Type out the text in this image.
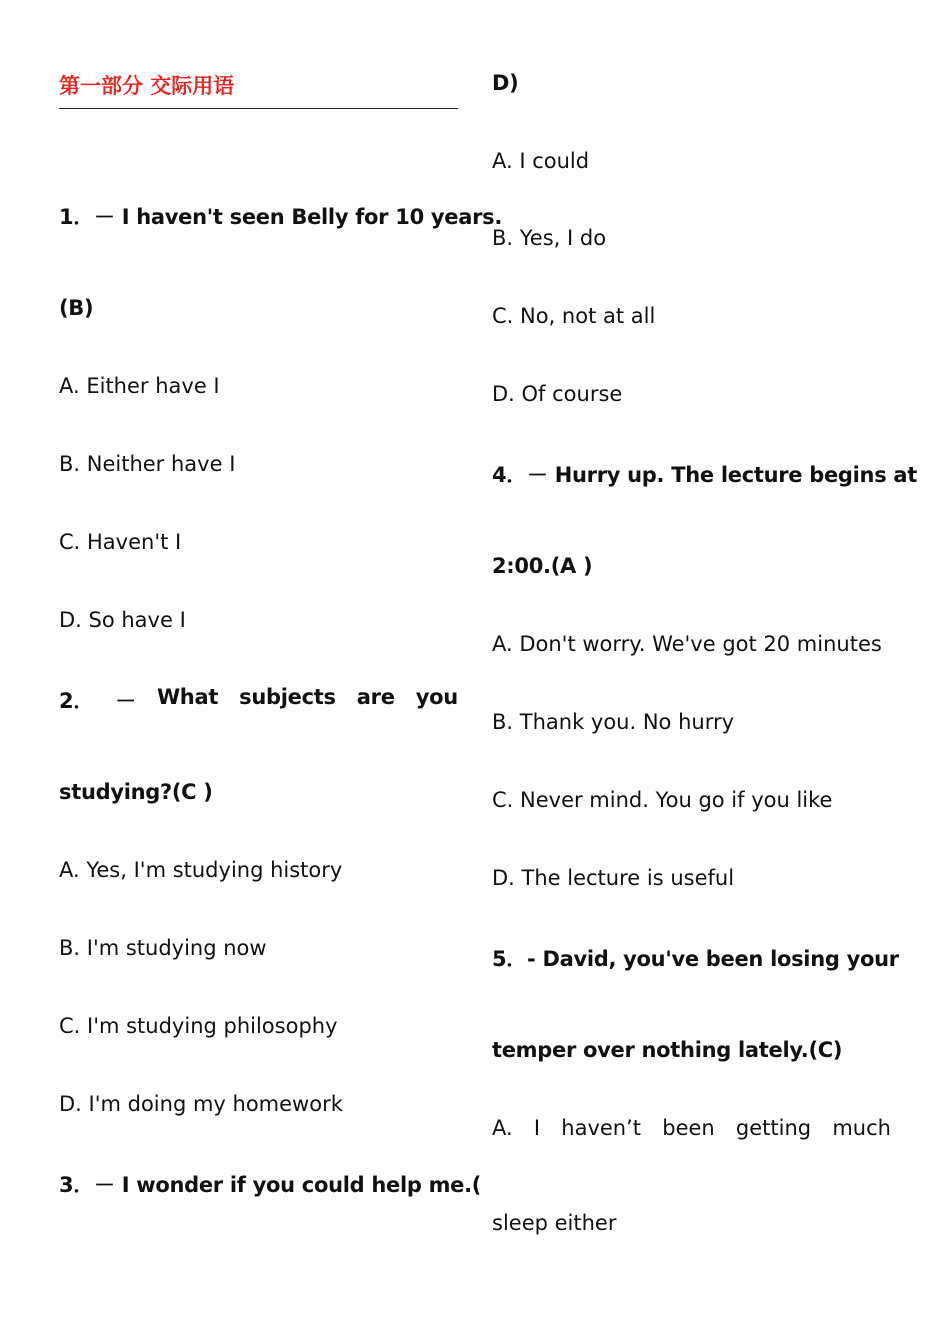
第一部分 交际用语
1．－ I haven't seen Belly for 10 years.
(B)
A. Either have I
B. Neither have I
C. Haven't I
D. So have I
2． － What subjects are you
studying?(C )
A. Yes, I'm studying history
B. I'm studying now
C. I'm studying philosophy
D. I'm doing my homework
3．－ I wonder if you could help me.(
D)
A. I could
B. Yes, I do
C. No, not at all
D. Of course
4．－ Hurry up. The lecture begins at
2:00.(A )
A. Don't worry. We've got 20 minutes
B. Thank you. No hurry
C. Never mind. You go if you like
D. The lecture is useful
5．- David, you've been losing your
temper over nothing lately.(C)
A. I haven’t been getting much
sleep either
